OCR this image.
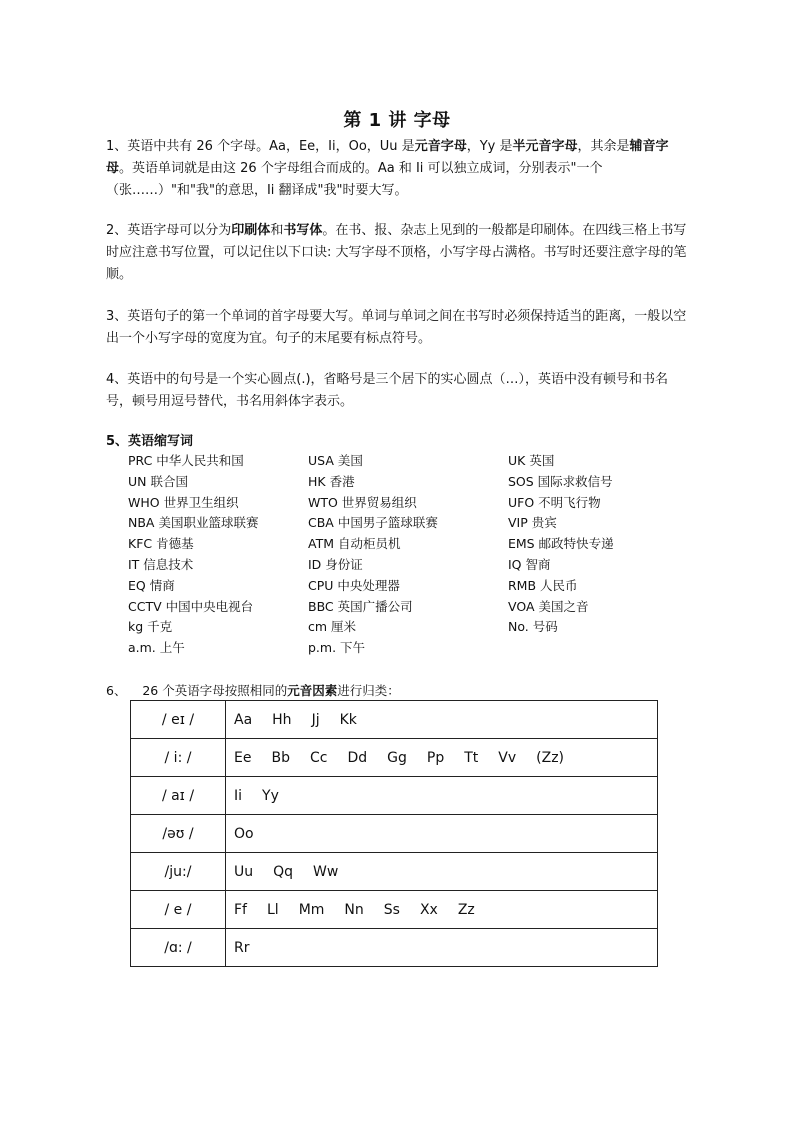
第 1 讲 字母
1、英语中共有 26 个字母。Aa，Ee，Ii，Oo，Uu 是元音字母，Yy 是半元音字母，其余是辅音字母。英语单词就是由这 26 个字母组合而成的。Aa 和 Ii 可以独立成词，分别表示"一个（张……）"和"我"的意思，Ii 翻译成"我"时要大写。
2、英语字母可以分为印刷体和书写体。在书、报、杂志上见到的一般都是印刷体。在四线三格上书写时应注意书写位置，可以记住以下口诀: 大写字母不顶格，小写字母占满格。书写时还要注意字母的笔顺。
3、英语句子的第一个单词的首字母要大写。单词与单词之间在书写时必须保持适当的距离，一般以空出一个小写字母的宽度为宜。句子的末尾要有标点符号。
4、英语中的句号是一个实心圆点(.)，省略号是三个居下的实心圆点（…），英语中没有顿号和书名号，顿号用逗号替代，书名用斜体字表示。
5、英语缩写词
PRC 中华人民共和国	USA 美国	UK 英国
UN 联合国	HK 香港	SOS 国际求救信号
WHO 世界卫生组织	WTO 世界贸易组织	UFO 不明飞行物
NBA 美国职业篮球联赛	CBA 中国男子篮球联赛	VIP 贵宾
KFC 肯德基	ATM 自动柜员机	EMS 邮政特快专递
IT 信息技术	ID 身份证	IQ 智商
EQ 情商	CPU 中央处理器	RMB 人民币
CCTV 中国中央电视台	BBC 英国广播公司	VOA 美国之音
kg 千克	cm 厘米	No. 号码
a.m. 上午	p.m. 下午
6、 26 个英语字母按照相同的元音因素进行归类：
/ eɪ /	Aa Hh Jj Kk
/ i: /	Ee Bb Cc Dd Gg Pp Tt Vv (Zz)
/ aɪ /	Ii Yy
/əʊ /	Oo
/ju:/	Uu Qq Ww
/ e /	Ff Ll Mm Nn Ss Xx Zz
/ɑ: /	Rr
